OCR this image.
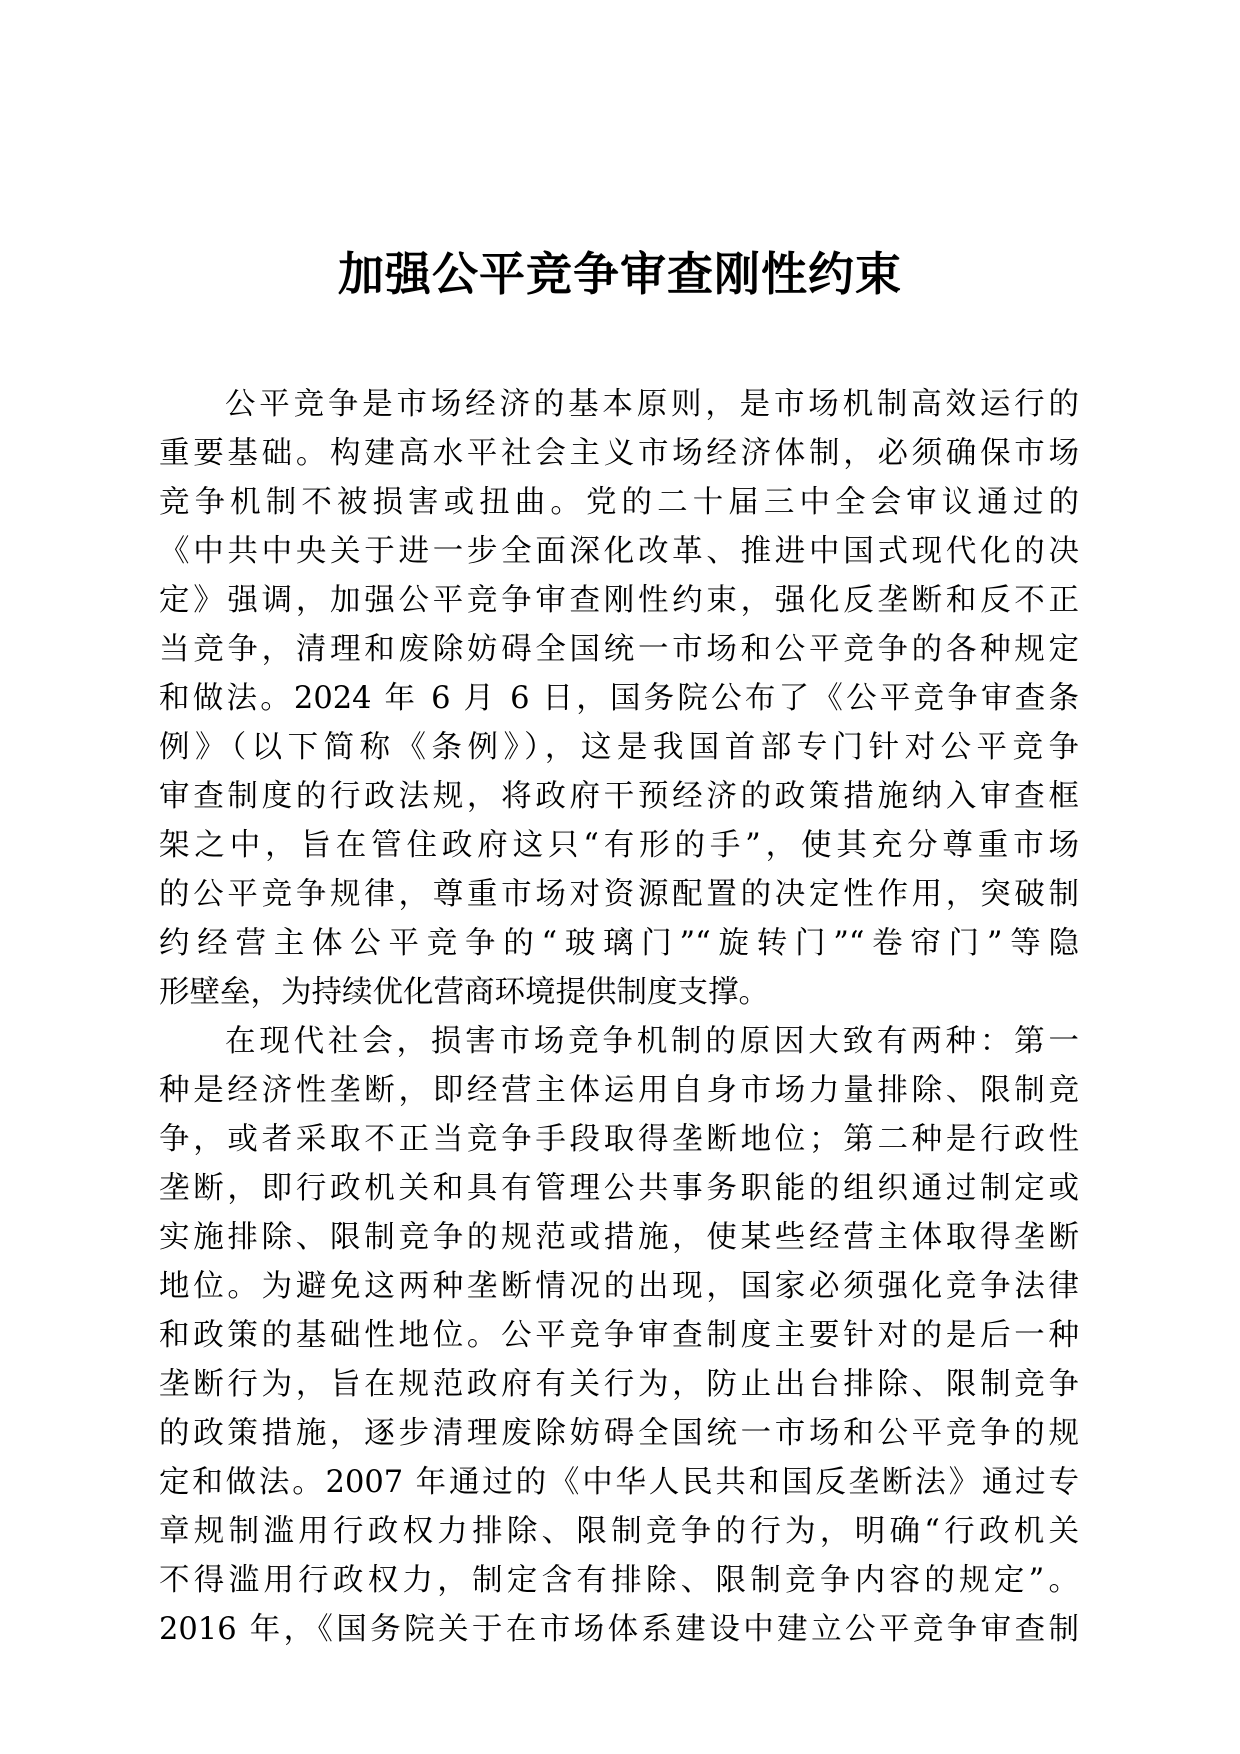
加强公平竞争审查刚性约束
公平竞争是市场经济的基本原则，是市场机制高效运行的
重要基础。构建高水平社会主义市场经济体制，必须确保市场
竞争机制不被损害或扭曲。党的二十届三中全会审议通过的
《中共中央关于进一步全面深化改革、推进中国式现代化的决
定》强调，加强公平竞争审查刚性约束，强化反垄断和反不正
当竞争，清理和废除妨碍全国统一市场和公平竞争的各种规定
和做法。2024 年 6 月 6 日，国务院公布了《公平竞争审查条
例》（以下简称《条例》），这是我国首部专门针对公平竞争
审查制度的行政法规，将政府干预经济的政策措施纳入审查框
架之中，旨在管住政府这只“有形的手”，使其充分尊重市场
的公平竞争规律，尊重市场对资源配置的决定性作用，突破制
约经营主体公平竞争的“玻璃门”“旋转门”“卷帘门”等隐
形壁垒，为持续优化营商环境提供制度支撑。
在现代社会，损害市场竞争机制的原因大致有两种：第一
种是经济性垄断，即经营主体运用自身市场力量排除、限制竞
争，或者采取不正当竞争手段取得垄断地位；第二种是行政性
垄断，即行政机关和具有管理公共事务职能的组织通过制定或
实施排除、限制竞争的规范或措施，使某些经营主体取得垄断
地位。为避免这两种垄断情况的出现，国家必须强化竞争法律
和政策的基础性地位。公平竞争审查制度主要针对的是后一种
垄断行为，旨在规范政府有关行为，防止出台排除、限制竞争
的政策措施，逐步清理废除妨碍全国统一市场和公平竞争的规
定和做法。2007 年通过的《中华人民共和国反垄断法》通过专
章规制滥用行政权力排除、限制竞争的行为，明确“行政机关
不得滥用行政权力，制定含有排除、限制竞争内容的规定”。
2016 年，《国务院关于在市场体系建设中建立公平竞争审查制
